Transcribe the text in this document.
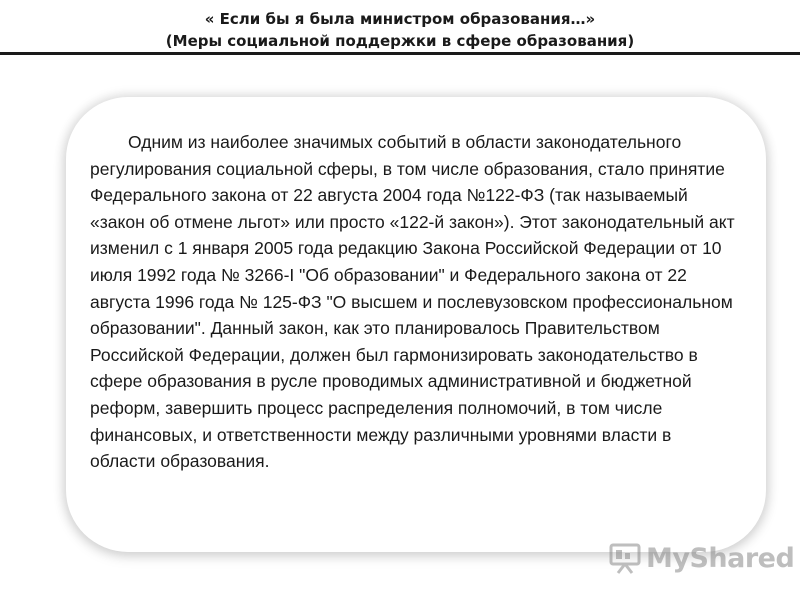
« Если бы я была министром образования…»
(Меры социальной поддержки в сфере образования)

Одним из наиболее значимых событий в области законодательного регулирования социальной сферы, в том числе образования, стало принятие Федерального закона от 22 августа 2004 года №122-ФЗ (так называемый «закон об отмене льгот» или просто «122-й закон»). Этот законодательный акт изменил с 1 января 2005 года редакцию Закона Российской Федерации от 10 июля 1992 года № 3266-I "Об образовании" и Федерального закона от 22 августа 1996 года № 125-ФЗ "О высшем и послевузовском профессиональном образовании". Данный закон, как это планировалось Правительством Российской Федерации, должен был гармонизировать законодательство в сфере образования в русле проводимых административной и бюджетной реформ, завершить процесс распределения полномочий, в том числе финансовых, и ответственности между различными уровнями власти в области образования.

MyShared
